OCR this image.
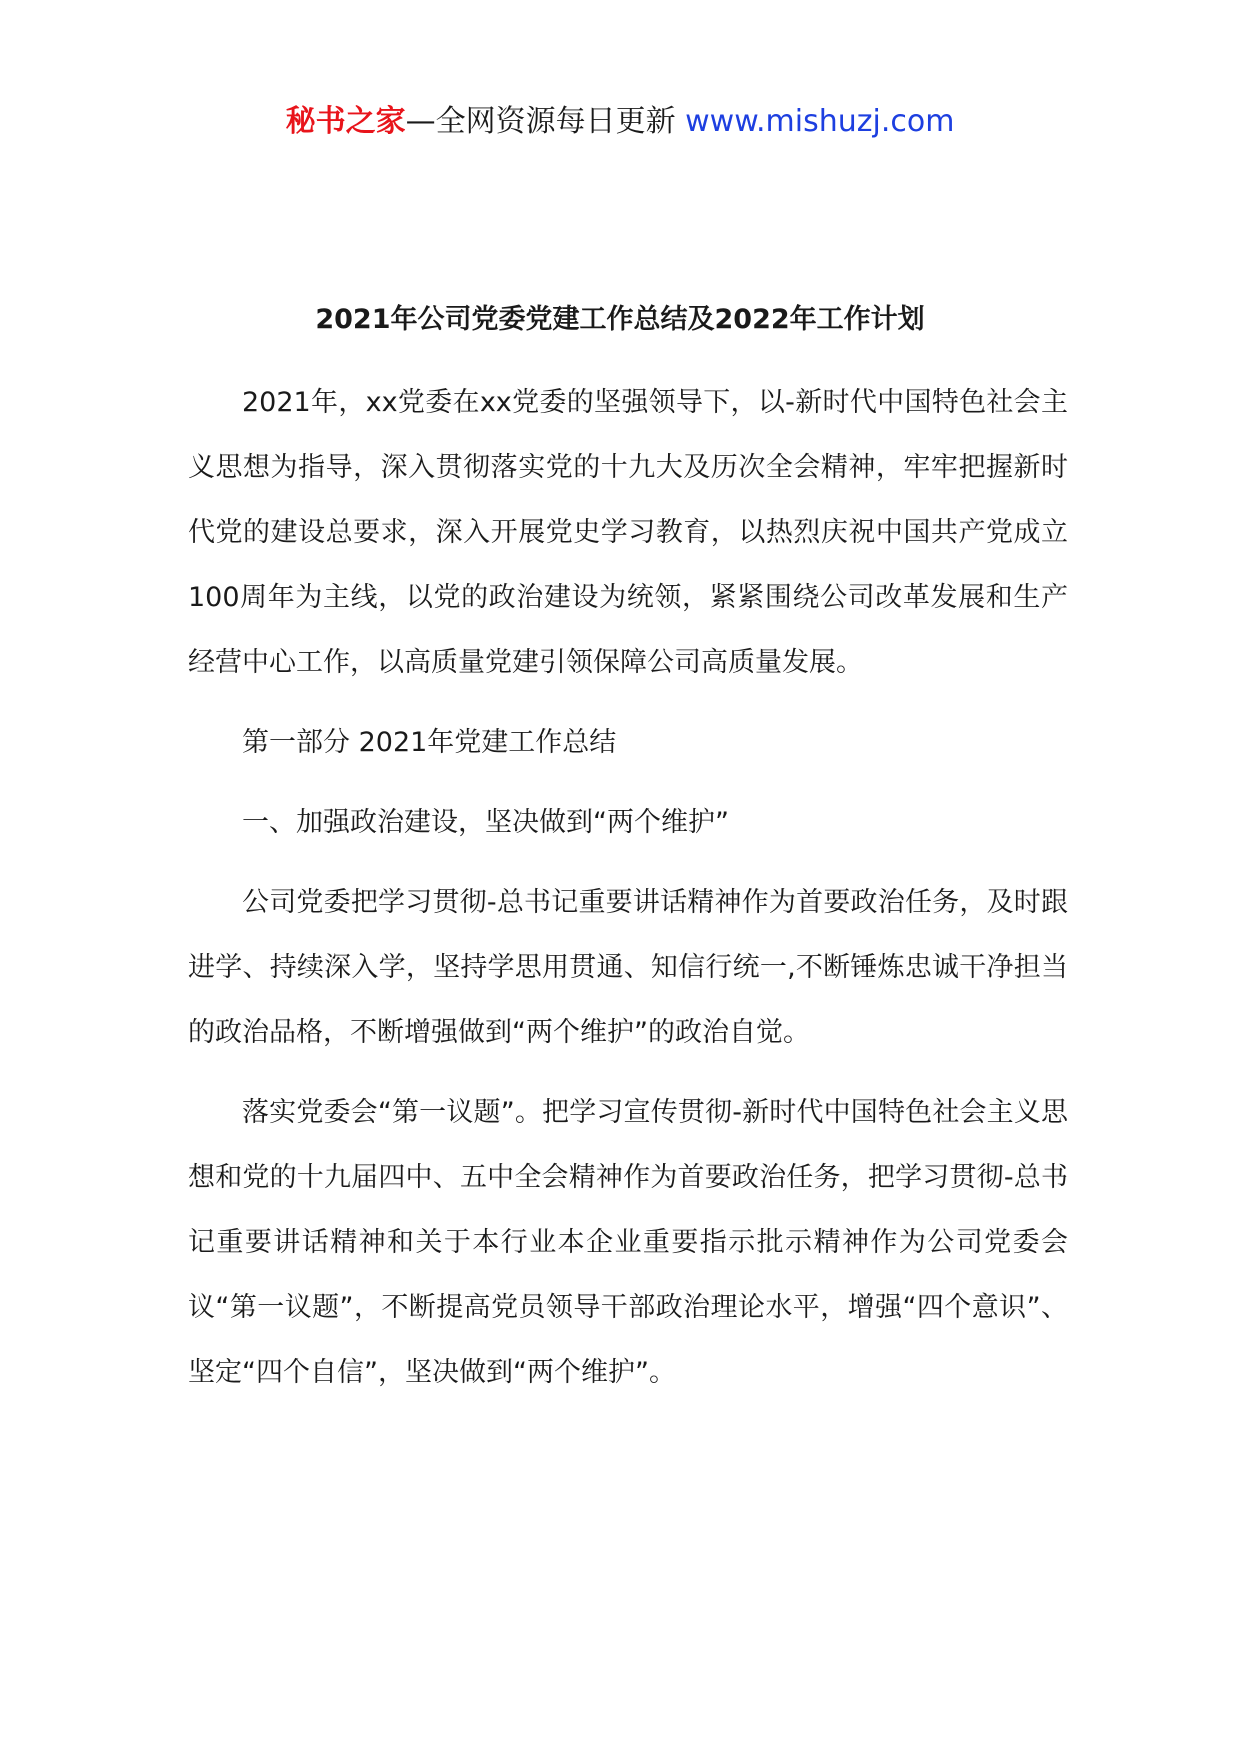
秘书之家—全网资源每日更新 www.mishuzj.com
2021年公司党委党建工作总结及2022年工作计划

2021年，xx党委在xx党委的坚强领导下，以-新时代中国特色社会主义思想为指导，深入贯彻落实党的十九大及历次全会精神，牢牢把握新时代党的建设总要求，深入开展党史学习教育，以热烈庆祝中国共产党成立100周年为主线，以党的政治建设为统领，紧紧围绕公司改革发展和生产经营中心工作，以高质量党建引领保障公司高质量发展。

第一部分 2021年党建工作总结

一、加强政治建设，坚决做到“两个维护”

公司党委把学习贯彻-总书记重要讲话精神作为首要政治任务，及时跟进学、持续深入学，坚持学思用贯通、知信行统一,不断锤炼忠诚干净担当的政治品格，不断增强做到“两个维护”的政治自觉。

落实党委会“第一议题”。把学习宣传贯彻-新时代中国特色社会主义思想和党的十九届四中、五中全会精神作为首要政治任务，把学习贯彻-总书记重要讲话精神和关于本行业本企业重要指示批示精神作为公司党委会议“第一议题”，不断提高党员领导干部政治理论水平，增强“四个意识”、坚定“四个自信”，坚决做到“两个维护”。
